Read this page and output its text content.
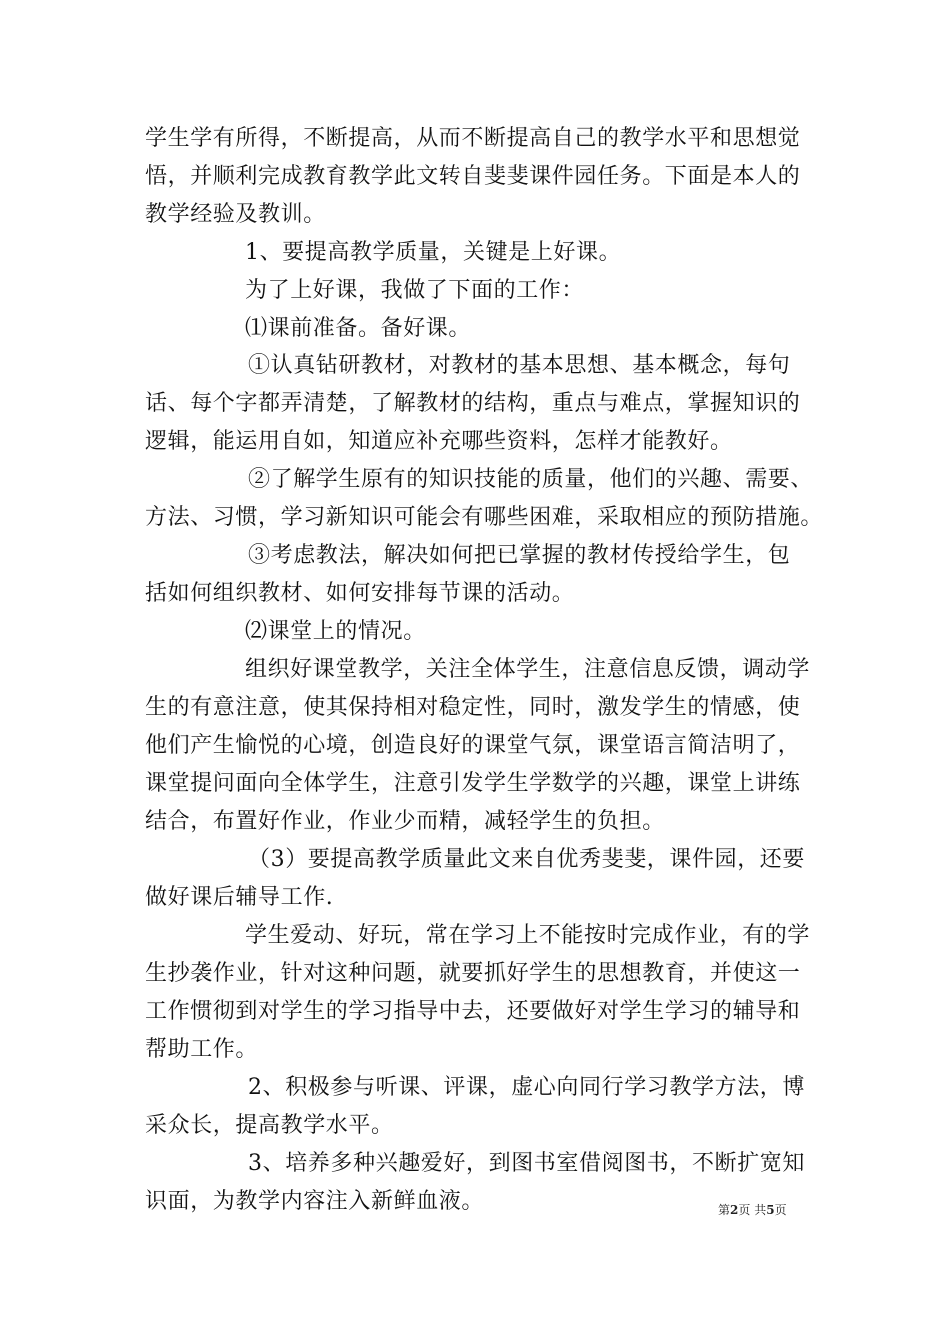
学生学有所得，不断提高，从而不断提高自己的教学水平和思想觉
悟，并顺利完成教育教学此文转自斐斐课件园任务。下面是本人的
教学经验及教训。
1、要提高教学质量，关键是上好课。
为了上好课，我做了下面的工作：
⑴课前准备。备好课。
①认真钻研教材，对教材的基本思想、基本概念，每句
话、每个字都弄清楚，了解教材的结构，重点与难点，掌握知识的
逻辑，能运用自如，知道应补充哪些资料，怎样才能教好。
②了解学生原有的知识技能的质量，他们的兴趣、需要、
方法、习惯，学习新知识可能会有哪些困难，采取相应的预防措施。
③考虑教法，解决如何把已掌握的教材传授给学生，包
括如何组织教材、如何安排每节课的活动。
⑵课堂上的情况。
组织好课堂教学，关注全体学生，注意信息反馈，调动学
生的有意注意，使其保持相对稳定性，同时，激发学生的情感，使
他们产生愉悦的心境，创造良好的课堂气氛，课堂语言简洁明了，
课堂提问面向全体学生，注意引发学生学数学的兴趣，课堂上讲练
结合，布置好作业，作业少而精，减轻学生的负担。
（3）要提高教学质量此文来自优秀斐斐，课件园，还要
做好课后辅导工作.
学生爱动、好玩，常在学习上不能按时完成作业，有的学
生抄袭作业，针对这种问题，就要抓好学生的思想教育，并使这一
工作惯彻到对学生的学习指导中去，还要做好对学生学习的辅导和
帮助工作。
2、积极参与听课、评课，虚心向同行学习教学方法，博
采众长，提高教学水平。
3、培养多种兴趣爱好，到图书室借阅图书，不断扩宽知
识面，为教学内容注入新鲜血液。	第2页 共5页
